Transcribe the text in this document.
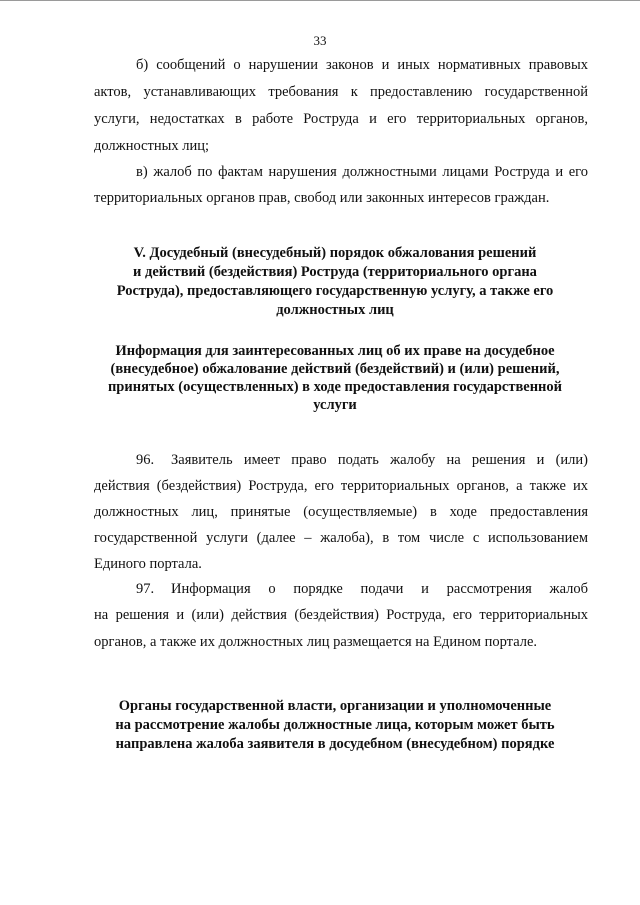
33
б) сообщений о нарушении законов и иных нормативных правовых
актов, устанавливающих требования к предоставлению государственной
услуги, недостатках в работе Роструда и его территориальных органов,
должностных лиц;
в) жалоб по фактам нарушения должностными лицами Роструда и его
территориальных органов прав, свобод или законных интересов граждан.
V. Досудебный (внесудебный) порядок обжалования решений
и действий (бездействия) Роструда (территориального органа
Роструда), предоставляющего государственную услугу, а также его
должностных лиц
Информация для заинтересованных лиц об их праве на досудебное
(внесудебное) обжалование действий (бездействий) и (или) решений,
принятых (осуществленных) в ходе предоставления государственной
услуги
96. Заявитель имеет право подать жалобу на решения и (или)
действия (бездействия) Роструда, его территориальных органов, а также их
должностных лиц, принятые (осуществляемые) в ходе предоставления
государственной услуги (далее – жалоба), в том числе с использованием
Единого портала.
97. Информация о порядке подачи и рассмотрения жалоб
на решения и (или) действия (бездействия) Роструда, его территориальных
органов, а также их должностных лиц размещается на Едином портале.
Органы государственной власти, организации и уполномоченные
на рассмотрение жалобы должностные лица, которым может быть
направлена жалоба заявителя в досудебном (внесудебном) порядке
